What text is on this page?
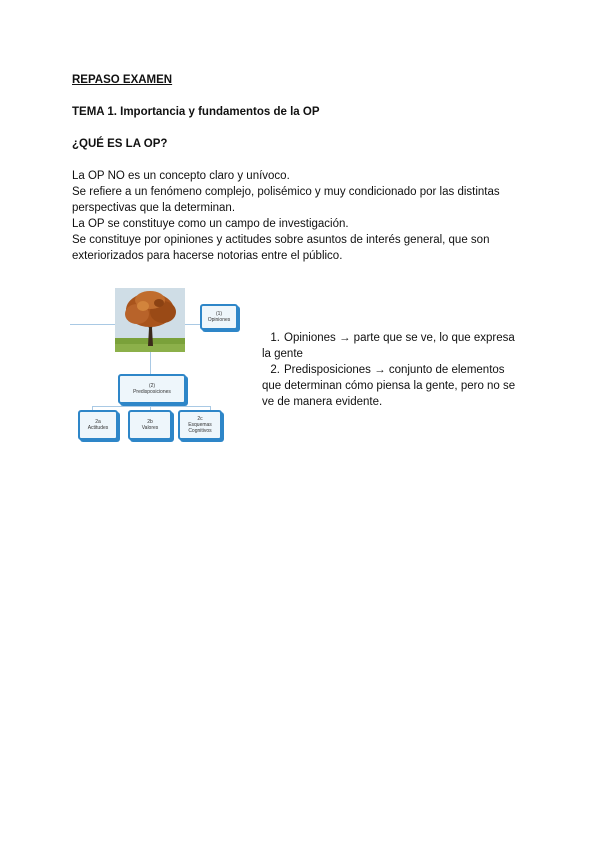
REPASO EXAMEN
TEMA 1. Importancia y fundamentos de la OP
¿QUÉ ES LA OP?

La OP NO es un concepto claro y unívoco.

Se refiere a un fenómeno complejo, polisémico y muy condicionado por las distintas perspectivas que la determinan.

La OP se constituye como un campo de investigación.

Se constituye por opiniones y actitudes sobre asuntos de interés general, que son exteriorizados para hacerse notorias entre el público.

(1)
Opiniones
(2)
Predisposiciones
2a
Actitudes
2b
Valores
2c
Esquemas Cognitivos

1. Opiniones → parte que se ve, lo que expresa la gente

2. Predisposiciones → conjunto de elementos que determinan cómo piensa la gente, pero no se ve de manera evidente.
